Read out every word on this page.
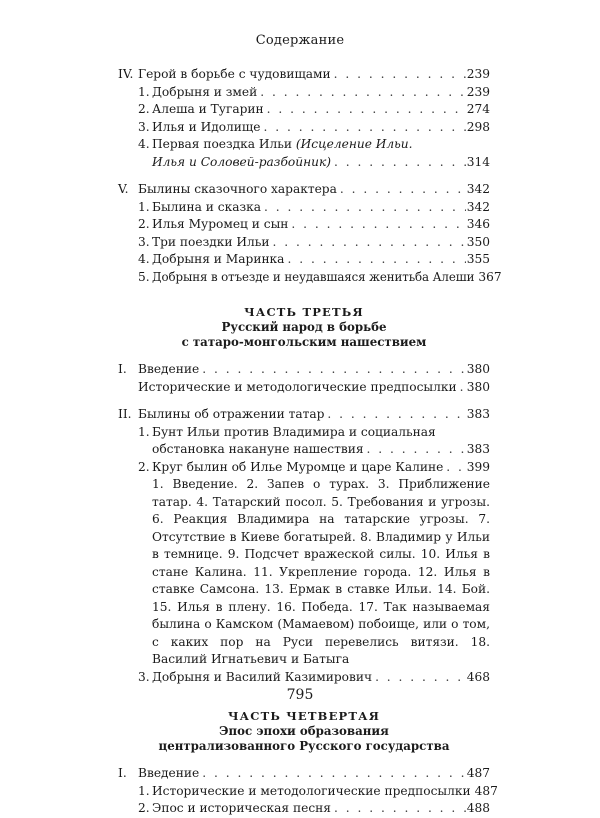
Содержание
IV. Герой в борьбе с чудовищами . . .	239
1. Добрыня и змей . . .	239
2. Алеша и Тугарин . . .	274
3. Илья и Идолище . . .	298
4. Первая поездка Ильи (Исцеление Ильи.
Илья и Соловей-разбойник) . . .	314
V. Былины сказочного характера . . .	342
1. Былина и сказка . . .	342
2. Илья Муромец и сын . . .	346
3. Три поездки Ильи . . .	350
4. Добрыня и Маринка . . .	355
5. Добрыня в отъезде и неудавшаяся женитьба Алеши 367
ЧАСТЬ ТРЕТЬЯ
Русский народ в борьбе
с татаро-монгольским нашествием
I. Введение . . .	380
Исторические и методологические предпосылки . . . 380
II. Былины об отражении татар . . .	383
1. Бунт Ильи против Владимира и социальная
обстановка накануне нашествия . . .	383
2. Круг былин об Илье Муромце и царе Калине . . . 399
1. Введение. 2. Запев о турах. 3. Приближение татар. 4. Татарский посол. 5. Требования и угрозы. 6. Реакция Владимира на татарские угрозы. 7. Отсутствие в Киеве богатырей. 8. Владимир у Ильи в темнице. 9. Подсчет вражеской силы. 10. Илья в стане Калина. 11. Укрепление города. 12. Илья в ставке Самсона. 13. Ермак в ставке Ильи. 14. Бой. 15. Илья в плену. 16. Победа. 17. Так называемая былина о Камском (Мамаевом) побоище, или о том, с каких пор на Руси перевелись витязи. 18. Василий Игнатьевич и Батыга
3. Добрыня и Василий Казимирович . . .	468
ЧАСТЬ ЧЕТВЕРТАЯ
Эпос эпохи образования
централизованного Русского государства
I. Введение . . .	487
1. Исторические и методологические предпосылки 487
2. Эпос и историческая песня . . .	488
795
